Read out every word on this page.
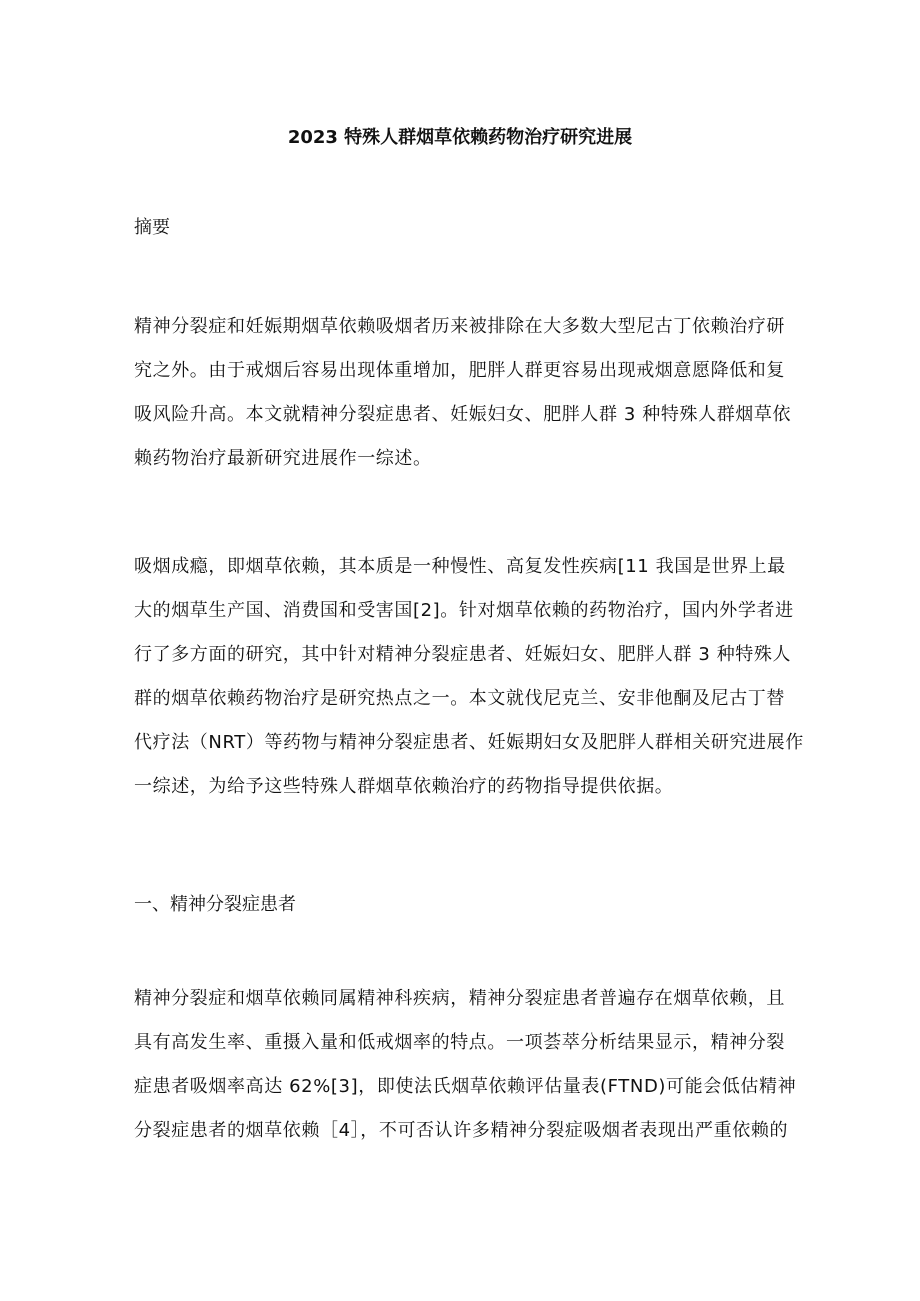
2023 特殊人群烟草依赖药物治疗研究进展
摘要
精神分裂症和妊娠期烟草依赖吸烟者历来被排除在大多数大型尼古丁依赖治疗研
究之外。由于戒烟后容易出现体重增加，肥胖人群更容易出现戒烟意愿降低和复
吸风险升高。本文就精神分裂症患者、妊娠妇女、肥胖人群 3 种特殊人群烟草依
赖药物治疗最新研究进展作一综述。
吸烟成瘾，即烟草依赖，其本质是一种慢性、高复发性疾病[11 我国是世界上最
大的烟草生产国、消费国和受害国[2]。针对烟草依赖的药物治疗，国内外学者进
行了多方面的研究，其中针对精神分裂症患者、妊娠妇女、肥胖人群 3 种特殊人
群的烟草依赖药物治疗是研究热点之一。本文就伐尼克兰、安非他酮及尼古丁替
代疗法（NRT）等药物与精神分裂症患者、妊娠期妇女及肥胖人群相关研究进展作
一综述，为给予这些特殊人群烟草依赖治疗的药物指导提供依据。
一、精神分裂症患者
精神分裂症和烟草依赖同属精神科疾病，精神分裂症患者普遍存在烟草依赖，且
具有高发生率、重摄入量和低戒烟率的特点。一项荟萃分析结果显示，精神分裂
症患者吸烟率高达 62%[3]，即使法氏烟草依赖评估量表(FTND)可能会低估精神
分裂症患者的烟草依赖［4］，不可否认许多精神分裂症吸烟者表现出严重依赖的
